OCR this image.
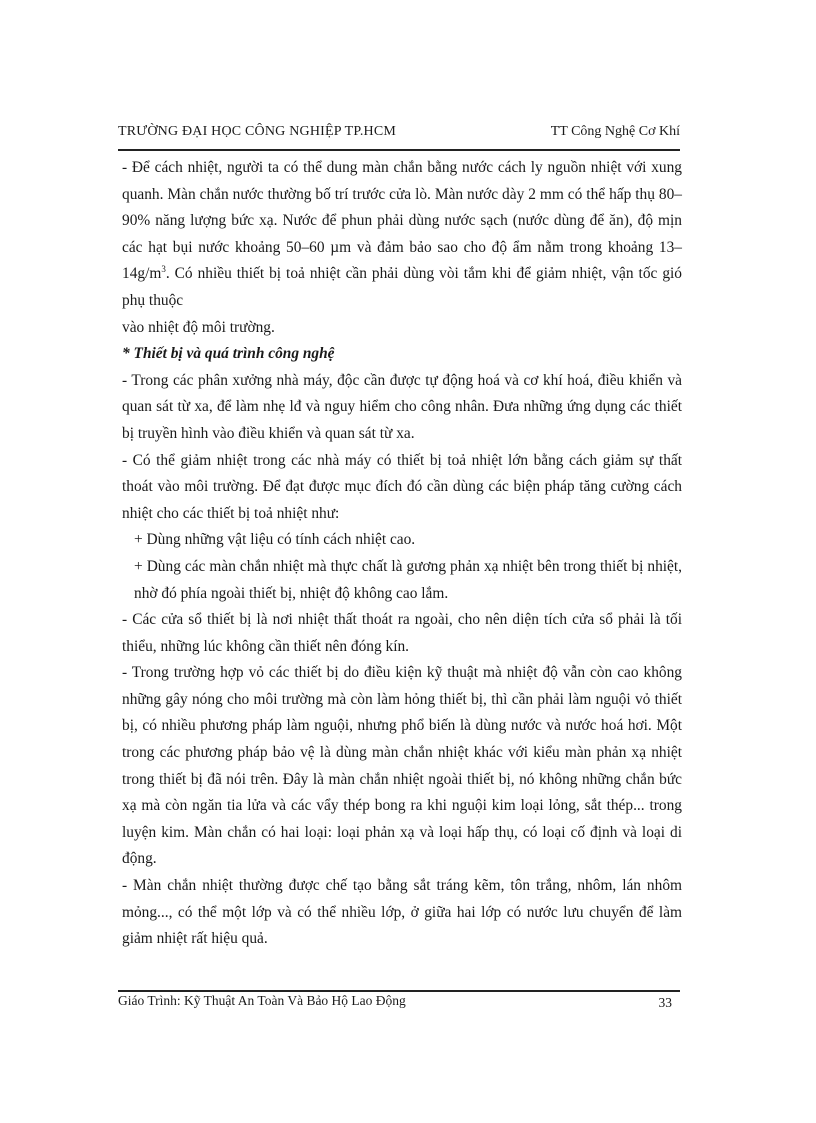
TRƯỜNG ĐẠI HỌC CÔNG NGHIỆP TP.HCM	TT Công Nghệ Cơ Khí

- Để cách nhiệt, người ta có thể dung màn chắn bằng nước cách ly nguồn nhiệt với xung quanh. Màn chắn nước thường bố trí trước cửa lò. Màn nước dày 2 mm có thể hấp thụ 80–90% năng lượng bức xạ. Nước để phun phải dùng nước sạch (nước dùng để ăn), độ mịn các hạt bụi nước khoảng 50–60 µm và đảm bảo sao cho độ ẩm nằm trong khoảng $13-14g/m^3$. Có nhiều thiết bị toả nhiệt cần phải dùng vòi tắm khi để giảm nhiệt, vận tốc gió phụ thuộc

vào nhiệt độ môi trường.

* Thiết bị và quá trình công nghệ

- Trong các phân xưởng nhà máy, độc cần được tự động hoá và cơ khí hoá, điều khiển và quan sát từ xa, để làm nhẹ lđ và nguy hiểm cho công nhân. Đưa những ứng dụng các thiết bị truyền hình vào điều khiển và quan sát từ xa.

- Có thể giảm nhiệt trong các nhà máy có thiết bị toả nhiệt lớn bằng cách giảm sự thất thoát vào môi trường. Để đạt được mục đích đó cần dùng các biện pháp tăng cường cách nhiệt cho các thiết bị toả nhiệt như:

+ Dùng những vật liệu có tính cách nhiệt cao.

+ Dùng các màn chắn nhiệt mà thực chất là gương phản xạ nhiệt bên trong thiết bị nhiệt, nhờ đó phía ngoài thiết bị, nhiệt độ không cao lắm.

- Các cửa sổ thiết bị là nơi nhiệt thất thoát ra ngoài, cho nên diện tích cửa sổ phải là tối thiểu, những lúc không cần thiết nên đóng kín.

- Trong trường hợp vỏ các thiết bị do điều kiện kỹ thuật mà nhiệt độ vẫn còn cao không những gây nóng cho môi trường mà còn làm hỏng thiết bị, thì cần phải làm nguội vỏ thiết bị, có nhiều phương pháp làm nguội, nhưng phổ biến là dùng nước và nước hoá hơi. Một trong các phương pháp bảo vệ là dùng màn chắn nhiệt khác với kiểu màn phản xạ nhiệt trong thiết bị đã nói trên. Đây là màn chắn nhiệt ngoài thiết bị, nó không những chắn bức xạ mà còn ngăn tia lửa và các vẩy thép bong ra khi nguội kim loại lỏng, sắt thép... trong luyện kim. Màn chắn có hai loại: loại phản xạ và loại hấp thụ, có loại cố định và loại di động.

- Màn chắn nhiệt thường được chế tạo bằng sắt tráng kẽm, tôn trắng, nhôm, lán nhôm mỏng..., có thể một lớp và có thể nhiều lớp, ở giữa hai lớp có nước lưu chuyển để làm giảm nhiệt rất hiệu quả.

Giáo Trình: Kỹ Thuật An Toàn Và Bảo Hộ Lao Động	33
